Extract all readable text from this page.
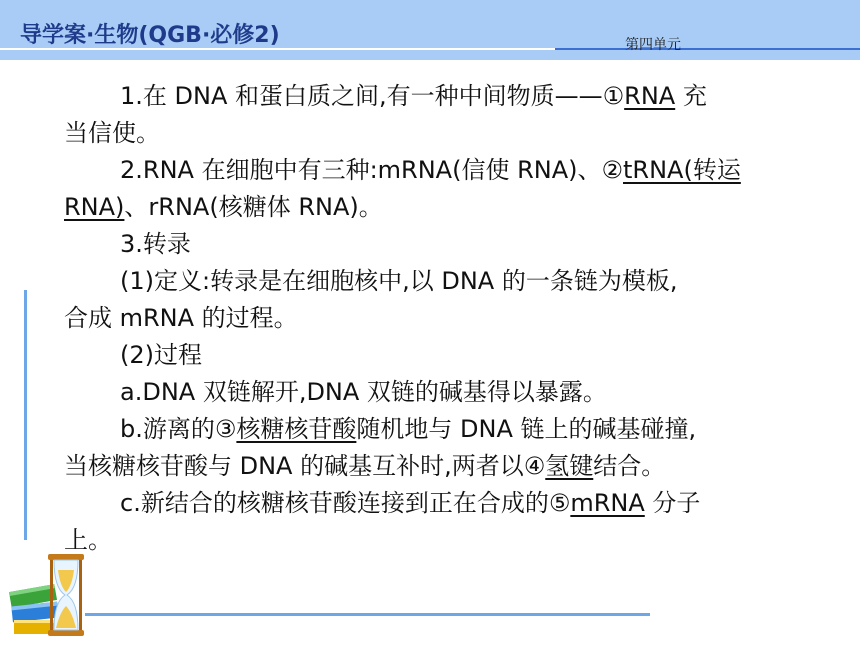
导学案·生物(QGB·必修2)	第四单元

1.在 DNA 和蛋白质之间,有一种中间物质——①RNA 充

当信使。

2.RNA 在细胞中有三种:mRNA(信使 RNA)、②tRNA(转运

RNA)、rRNA(核糖体 RNA)。

3.转录

(1)定义:转录是在细胞核中,以 DNA 的一条链为模板,

合成 mRNA 的过程。

(2)过程

a.DNA 双链解开,DNA 双链的碱基得以暴露。

b.游离的③核糖核苷酸随机地与 DNA 链上的碱基碰撞,

当核糖核苷酸与 DNA 的碱基互补时,两者以④氢键结合。

c.新结合的核糖核苷酸连接到正在合成的⑤mRNA 分子

上。
